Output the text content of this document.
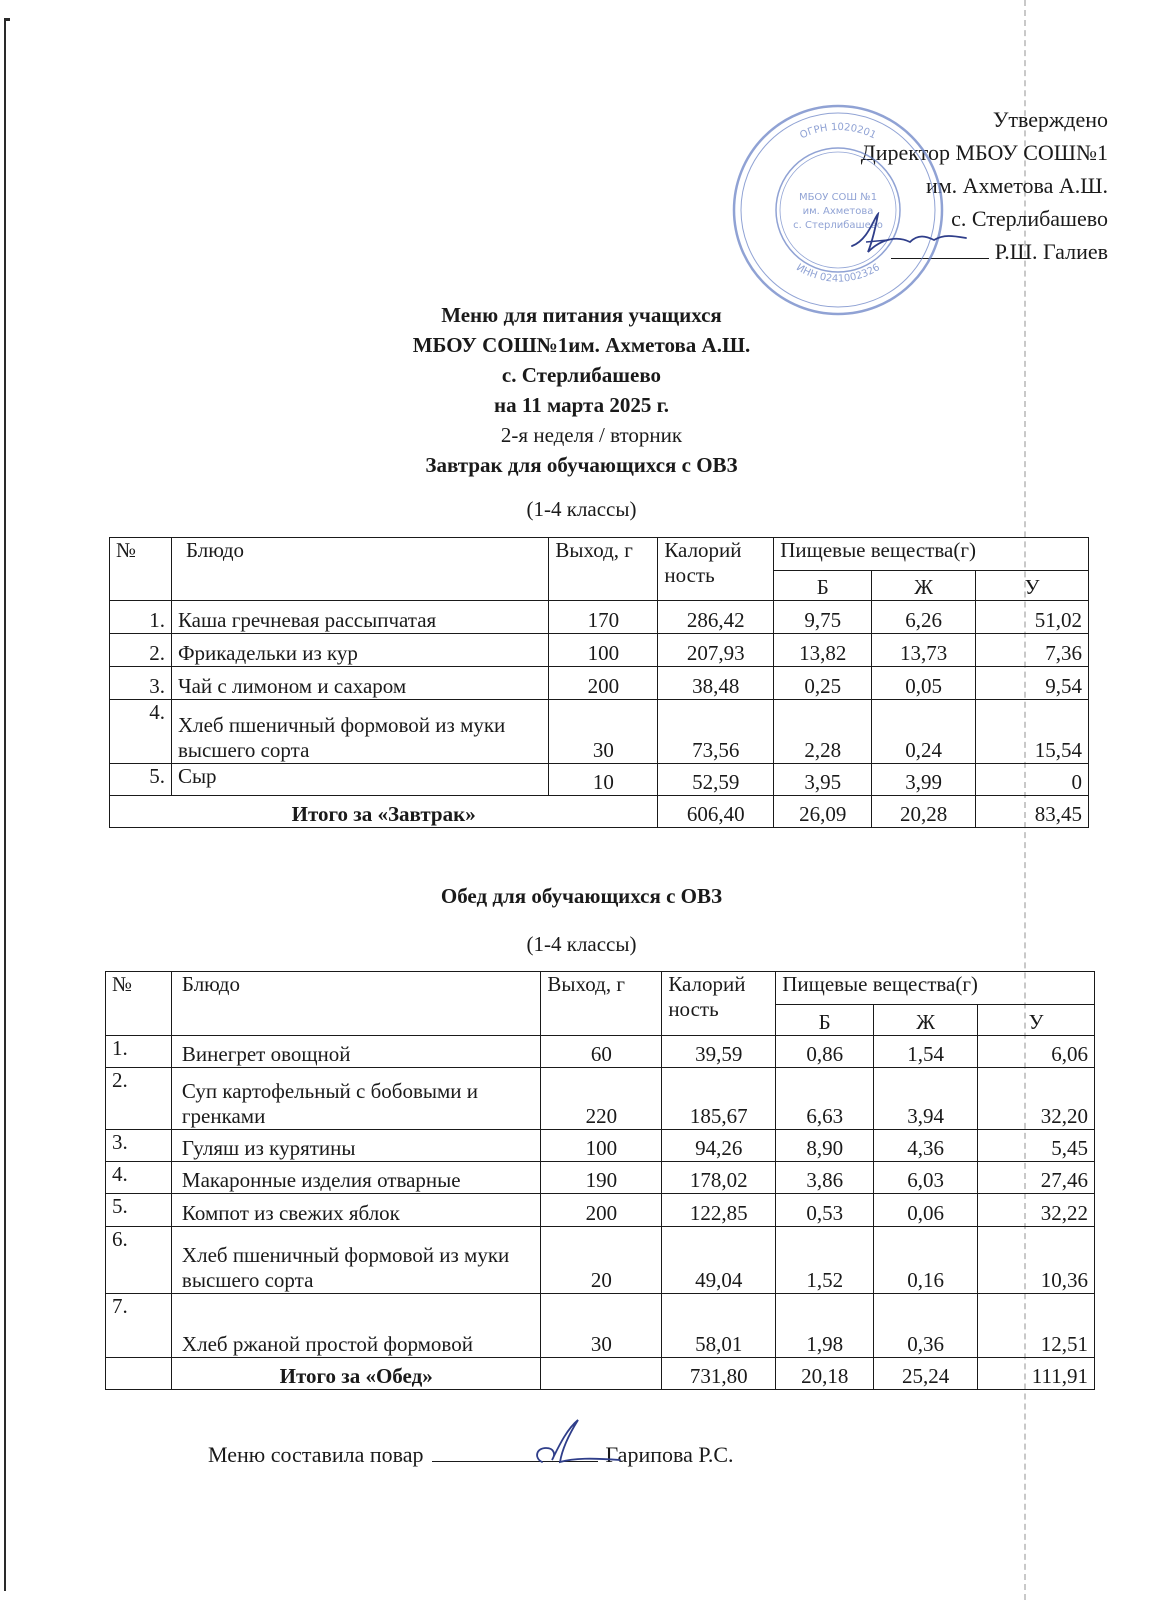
Утверждено
Директор МБОУ СОШ№1
им. Ахметова А.Ш.
с. Стерлибашево
Р.Ш. Галиев
ОГРН 1020201
ИНН 0241002326
МБОУ СОШ №1
им. Ахметова
с. Стерлибашево
Меню для питания учащихся
МБОУ СОШ№1им. Ахметова А.Ш.
с. Стерлибашево
на 11 марта 2025 г.
2-я неделя / вторник
Завтрак для обучающихся с ОВЗ
(1-4 классы)
№	Блюдо	Выход, г	Калорий ность	Пищевые вещества(г)		
				Б	Ж	У
1.	Каша гречневая рассыпчатая	170	286,42	9,75	6,26	51,02
2.	Фрикадельки из кур	100	207,93	13,82	13,73	7,36
3.	Чай с лимоном и сахаром	200	38,48	0,25	0,05	9,54
4.	Хлеб пшеничный формовой из муки высшего сорта	30	73,56	2,28	0,24	15,54
5.	Сыр	10	52,59	3,95	3,99	0
Итого за «Завтрак»			606,40	26,09	20,28	83,45
Обед для обучающихся с ОВЗ
(1-4 классы)
№	Блюдо	Выход, г	Калорий ность	Пищевые вещества(г)		
				Б	Ж	У
1.	Винегрет овощной	60	39,59	0,86	1,54	6,06
2.	Суп картофельный с бобовыми и гренками	220	185,67	6,63	3,94	32,20
3.	Гуляш из курятины	100	94,26	8,90	4,36	5,45
4.	Макаронные изделия отварные	190	178,02	3,86	6,03	27,46
5.	Компот из свежих яблок	200	122,85	0,53	0,06	32,22
6.	Хлеб пшеничный формовой из муки высшего сорта	20	49,04	1,52	0,16	10,36
7.	Хлеб ржаной простой формовой	30	58,01	1,98	0,36	12,51
	Итого за «Обед»		731,80	20,18	25,24	111,91
Меню составила повар	Гарипова Р.С.
